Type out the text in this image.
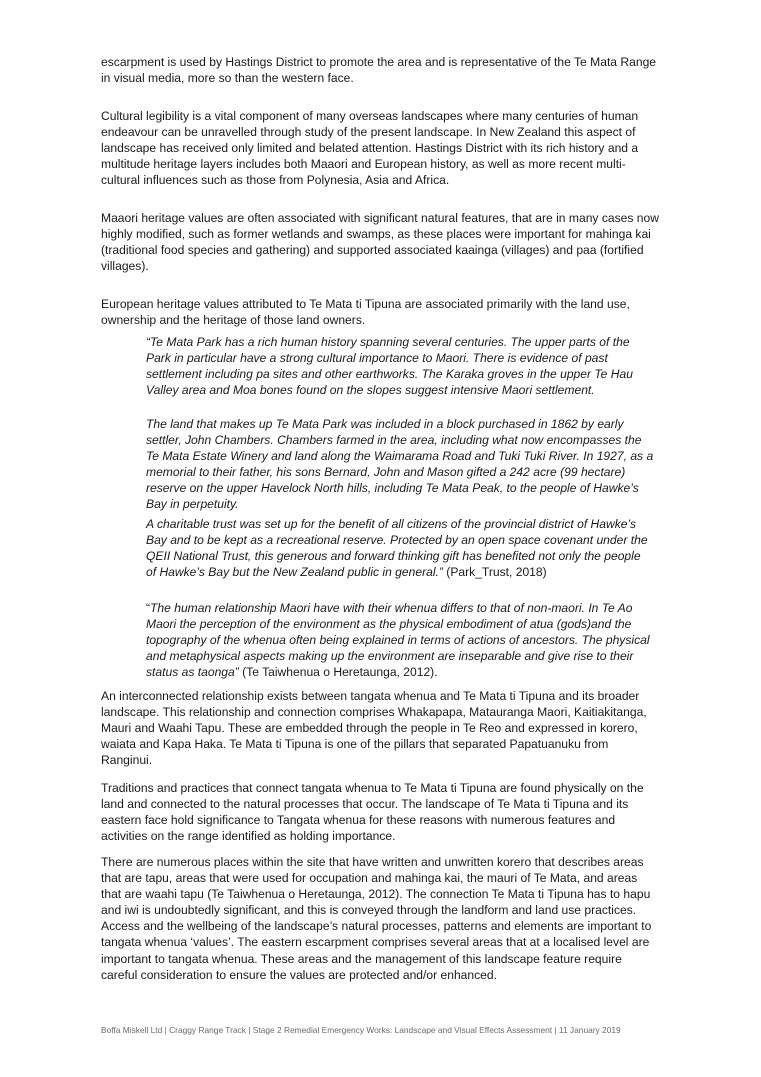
escarpment is used by Hastings District to promote the area and is representative of the Te Mata Range in visual media, more so than the western face.

Cultural legibility is a vital component of many overseas landscapes where many centuries of human endeavour can be unravelled through study of the present landscape. In New Zealand this aspect of landscape has received only limited and belated attention. Hastings District with its rich history and a multitude heritage layers includes both Maaori and European history, as well as more recent multi-cultural influences such as those from Polynesia, Asia and Africa.

Maaori heritage values are often associated with significant natural features, that are in many cases now highly modified, such as former wetlands and swamps, as these places were important for mahinga kai (traditional food species and gathering) and supported associated kaainga (villages) and paa (fortified villages).

European heritage values attributed to Te Mata ti Tipuna are associated primarily with the land use, ownership and the heritage of those land owners.

“Te Mata Park has a rich human history spanning several centuries. The upper parts of the Park in particular have a strong cultural importance to Maori. There is evidence of past settlement including pa sites and other earthworks. The Karaka groves in the upper Te Hau Valley area and Moa bones found on the slopes suggest intensive Maori settlement.

The land that makes up Te Mata Park was included in a block purchased in 1862 by early settler, John Chambers. Chambers farmed in the area, including what now encompasses the Te Mata Estate Winery and land along the Waimarama Road and Tuki Tuki River. In 1927, as a memorial to their father, his sons Bernard, John and Mason gifted a 242 acre (99 hectare) reserve on the upper Havelock North hills, including Te Mata Peak, to the people of Hawke’s Bay in perpetuity.

A charitable trust was set up for the benefit of all citizens of the provincial district of Hawke’s Bay and to be kept as a recreational reserve. Protected by an open space covenant under the QEII National Trust, this generous and forward thinking gift has benefited not only the people of Hawke’s Bay but the New Zealand public in general.” (Park_Trust, 2018)
“The human relationship Maori have with their whenua differs to that of non-maori. In Te Ao Maori the perception of the environment as the physical embodiment of atua (gods)and the topography of the whenua often being explained in terms of actions of ancestors. The physical and metaphysical aspects making up the environment are inseparable and give rise to their status as taonga” (Te Taiwhenua o Heretaunga, 2012).

An interconnected relationship exists between tangata whenua and Te Mata ti Tipuna and its broader landscape. This relationship and connection comprises Whakapapa, Matauranga Maori, Kaitiakitanga, Mauri and Waahi Tapu. These are embedded through the people in Te Reo and expressed in korero, waiata and Kapa Haka. Te Mata ti Tipuna is one of the pillars that separated Papatuanuku from Ranginui.

Traditions and practices that connect tangata whenua to Te Mata ti Tipuna are found physically on the land and connected to the natural processes that occur. The landscape of Te Mata ti Tipuna and its eastern face hold significance to Tangata whenua for these reasons with numerous features and activities on the range identified as holding importance.

There are numerous places within the site that have written and unwritten korero that describes areas that are tapu, areas that were used for occupation and mahinga kai, the mauri of Te Mata, and areas that are waahi tapu (Te Taiwhenua o Heretaunga, 2012). The connection Te Mata ti Tipuna has to hapu and iwi is undoubtedly significant, and this is conveyed through the landform and land use practices. Access and the wellbeing of the landscape’s natural processes, patterns and elements are important to tangata whenua ‘values’. The eastern escarpment comprises several areas that at a localised level are important to tangata whenua. These areas and the management of this landscape feature require careful consideration to ensure the values are protected and/or enhanced.

Boffa Miskell Ltd | Craggy Range Track | Stage 2 Remedial Emergency Works: Landscape and Visual Effects Assessment | 11 January 2019
